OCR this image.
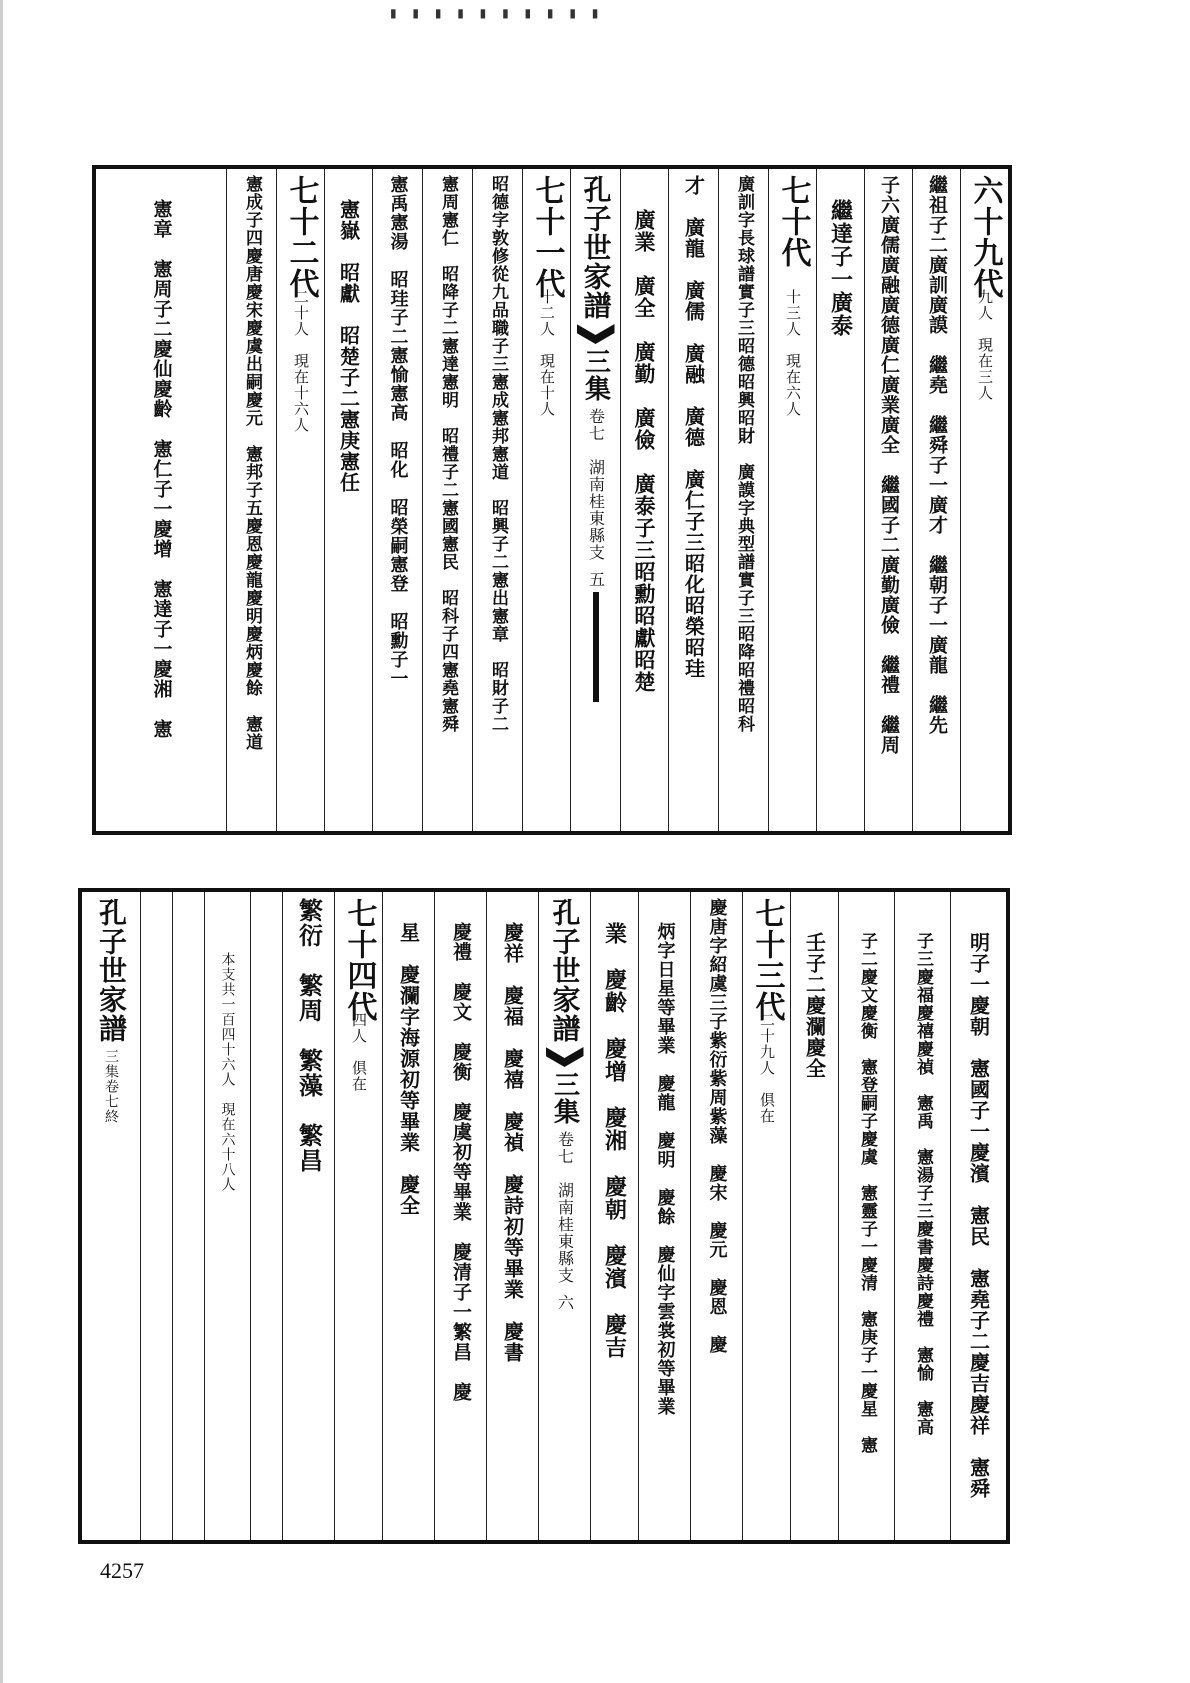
▮ ▮ ▮ ▮ ▮ ▮ ▮ ▮ ▮ ▮
六十九代
九人　現在三人
繼祖子二廣訓廣謨　繼堯　繼舜子一廣才　繼朝子一廣龍　繼先
子六廣儒廣融廣德廣仁廣業廣全　繼國子二廣勤廣儉　繼禮　繼周
繼達子一廣泰
七十代
十三人　現在六人
廣訓字長球譜實子三昭德昭興昭財　廣謨字典型譜實子三昭降昭禮昭科
才　廣龍　廣儒　廣融　廣德　廣仁子三昭化昭榮昭珪
廣業　廣全　廣勤　廣儉　廣泰子三昭勳昭獻昭楚
孔子世家譜
三集
卷七　湖南桂東縣支
五
七十一代
十二人　現在十人
昭德字敦修從九品職子三憲成憲邦憲道　昭興子二憲出憲章　昭財子二
憲周憲仁　昭降子二憲達憲明　昭禮子二憲國憲民　昭科子四憲堯憲舜
憲禹憲湯　昭珪子二憲愉憲高　昭化　昭榮嗣憲登　昭勳子一
憲嶽　昭獻　昭楚子二憲庚憲任
七十二代
二十人　現在十六人
憲成子四慶唐慶宋慶虞出嗣慶元　憲邦子五慶恩慶龍慶明慶炳慶餘　憲道
憲章　憲周子二慶仙慶齡　憲仁子一慶增　憲達子一慶湘　憲
明子一慶朝　憲國子一慶濱　憲民　憲堯子二慶吉慶祥　憲舜
子三慶福慶禧慶禎　憲禹　憲湯子三慶書慶詩慶禮　憲愉　憲高
子二慶文慶衡　憲登嗣子慶虞　憲靈子一慶清　憲庚子一慶星　憲
壬子二慶瀾慶全
七十三代
二十九人　俱在
慶唐字紹虞三子紫衍紫周紫藻　慶宋　慶元　慶恩　慶
炳字日星等畢業　慶龍　慶明　慶餘　慶仙字雲裳初等畢業
業　慶齡　慶增　慶湘　慶朝　慶濱　慶吉
孔子世家譜
三集
卷七　湖南桂東縣支
六
慶祥　慶福　慶禧　慶禎　慶詩初等畢業　慶書
慶禮　慶文　慶衡　慶虞初等畢業　慶清子一繁昌　慶
星　慶瀾字海源初等畢業　慶全
七十四代
四人　俱在
繁衍　繁周　繁藻　繁昌
本支共一百四十六人　現在六十八人
孔子世家譜
三集卷七終
4257
